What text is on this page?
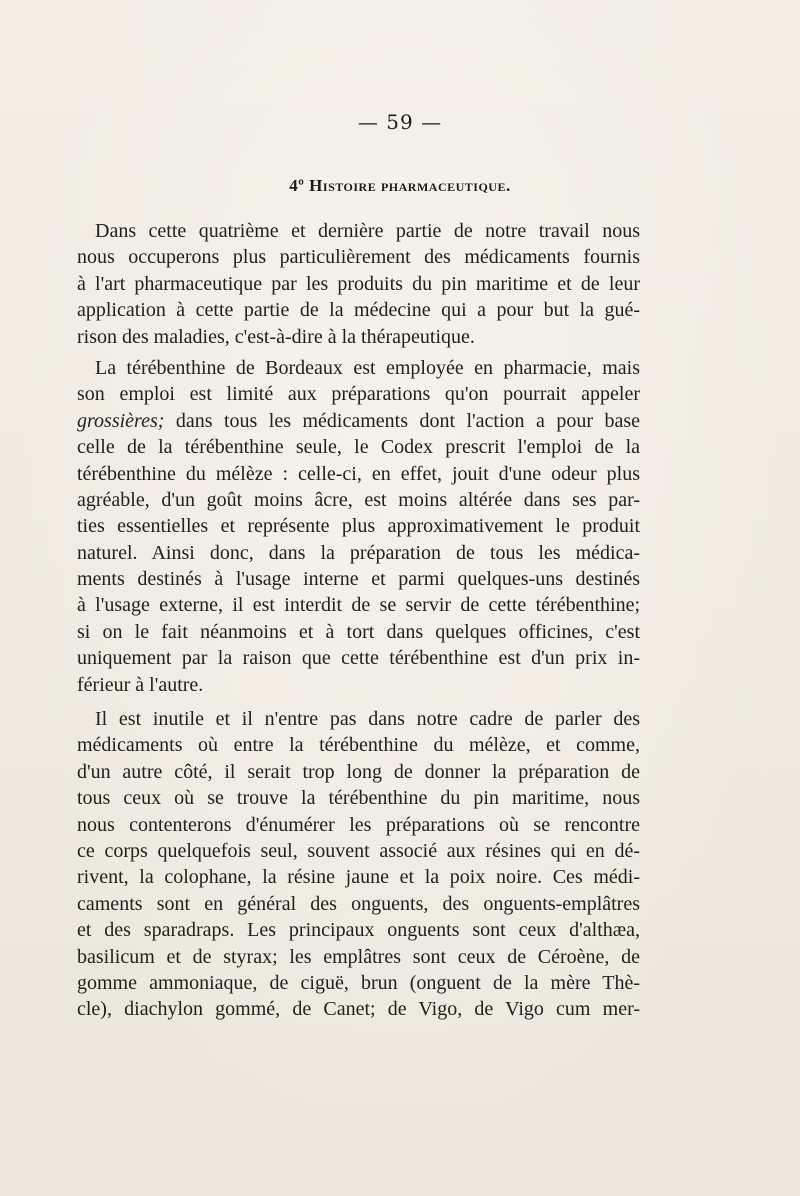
— 59 —
4º Histoire pharmaceutique.
Dans cette quatrième et dernière partie de notre travail nous
nous occuperons plus particulièrement des médicaments fournis
à l'art pharmaceutique par les produits du pin maritime et de leur
application à cette partie de la médecine qui a pour but la gué-
rison des maladies, c'est-à-dire à la thérapeutique.
La térébenthine de Bordeaux est employée en pharmacie, mais
son emploi est limité aux préparations qu'on pourrait appeler
grossières; dans tous les médicaments dont l'action a pour base
celle de la térébenthine seule, le Codex prescrit l'emploi de la
térébenthine du mélèze : celle-ci, en effet, jouit d'une odeur plus
agréable, d'un goût moins âcre, est moins altérée dans ses par-
ties essentielles et représente plus approximativement le produit
naturel. Ainsi donc, dans la préparation de tous les médica-
ments destinés à l'usage interne et parmi quelques-uns destinés
à l'usage externe, il est interdit de se servir de cette térébenthine;
si on le fait néanmoins et à tort dans quelques officines, c'est
uniquement par la raison que cette térébenthine est d'un prix in-
férieur à l'autre.
Il est inutile et il n'entre pas dans notre cadre de parler des
médicaments où entre la térébenthine du mélèze, et comme,
d'un autre côté, il serait trop long de donner la préparation de
tous ceux où se trouve la térébenthine du pin maritime, nous
nous contenterons d'énumérer les préparations où se rencontre
ce corps quelquefois seul, souvent associé aux résines qui en dé-
rivent, la colophane, la résine jaune et la poix noire. Ces médi-
caments sont en général des onguents, des onguents-emplâtres
et des sparadraps. Les principaux onguents sont ceux d'althæa,
basilicum et de styrax; les emplâtres sont ceux de Céroène, de
gomme ammoniaque, de ciguë, brun (onguent de la mère Thè-
cle), diachylon gommé, de Canet; de Vigo, de Vigo cum mer-
